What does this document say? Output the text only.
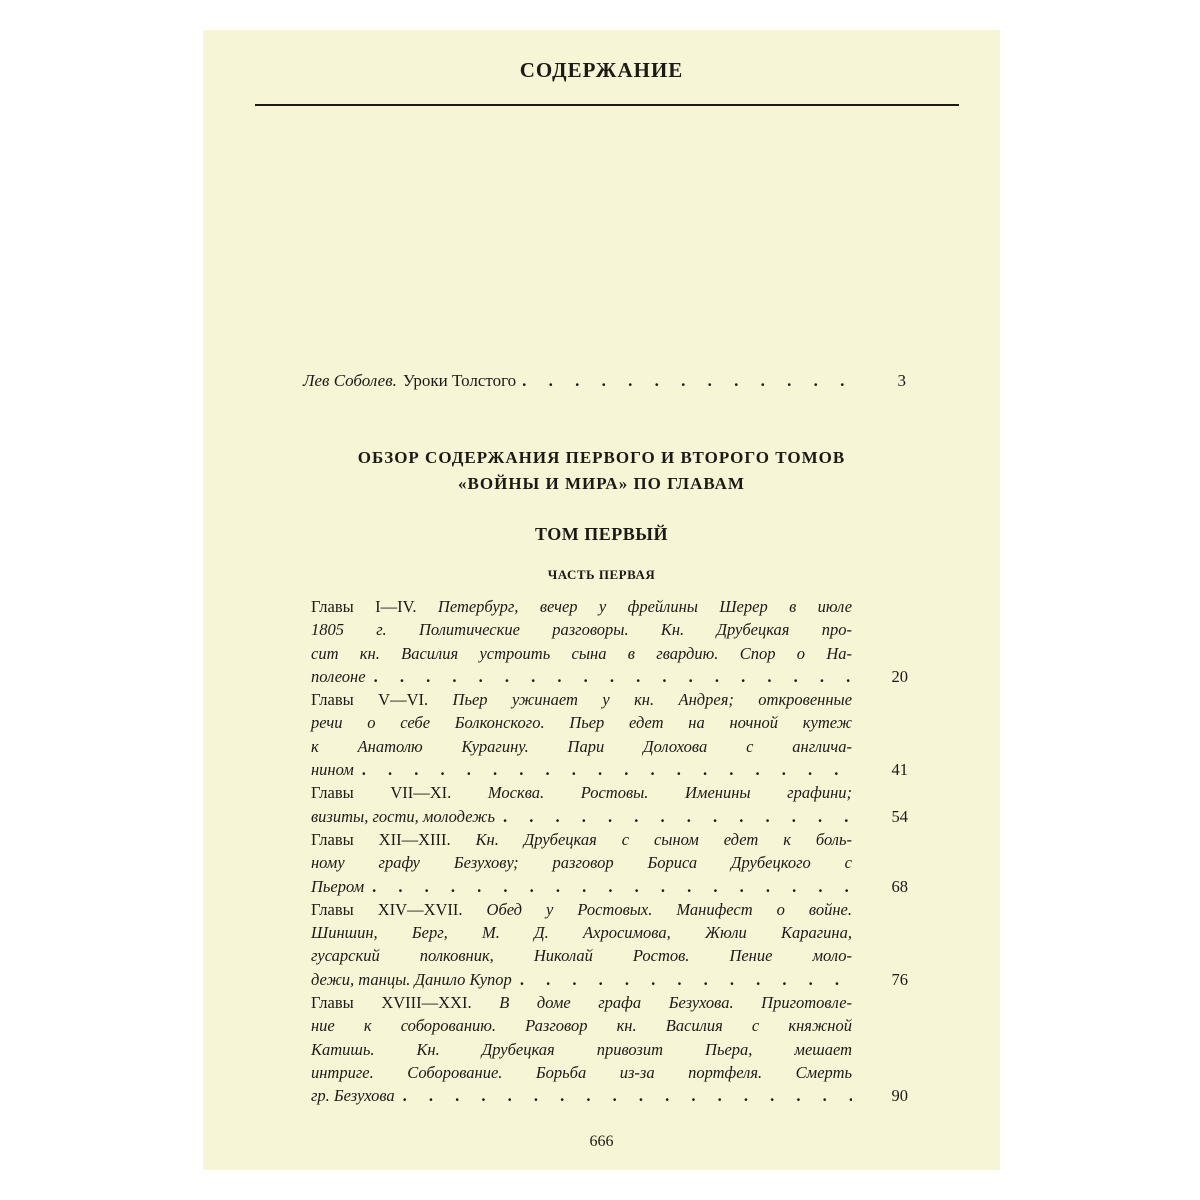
СОДЕРЖАНИЕ
Лев Соболев. Уроки Толстого . . .	3
ОБЗОР СОДЕРЖАНИЯ ПЕРВОГО И ВТОРОГО ТОМОВ
«ВОЙНЫ И МИРА» ПО ГЛАВАМ
ТОМ ПЕРВЫЙ
ЧАСТЬ ПЕРВАЯ
Главы I—IV. Петербург, вечер у фрейлины Шерер в июле
1805 г. Политические разговоры. Кн. Друбецкая про-
сит кн. Василия устроить сына в гвардию. Спор о На-
полеоне . . .	20
Главы V—VI. Пьер ужинает у кн. Андрея; откровенные
речи о себе Болконского. Пьер едет на ночной кутеж
к Анатолю Курагину. Пари Долохова с англича-
нином . . .	41
Главы VII—XI. Москва. Ростовы. Именины графини;
визиты, гости, молодежь . . .	54
Главы XII—XIII. Кн. Друбецкая с сыном едет к боль-
ному графу Безухову; разговор Бориса Друбецкого с
Пьером . . .	68
Главы XIV—XVII. Обед у Ростовых. Манифест о войне.
Шиншин, Берг, М. Д. Ахросимова, Жюли Карагина,
гусарский полковник, Николай Ростов. Пение моло-
дежи, танцы. Данило Купор . . .	76
Главы XVIII—XXI. В доме графа Безухова. Приготовле-
ние к соборованию. Разговор кн. Василия с княжной
Катишь. Кн. Друбецкая привозит Пьера, мешает
интриге. Соборование. Борьба из-за портфеля. Смерть
гр. Безухова . . .	90
666
